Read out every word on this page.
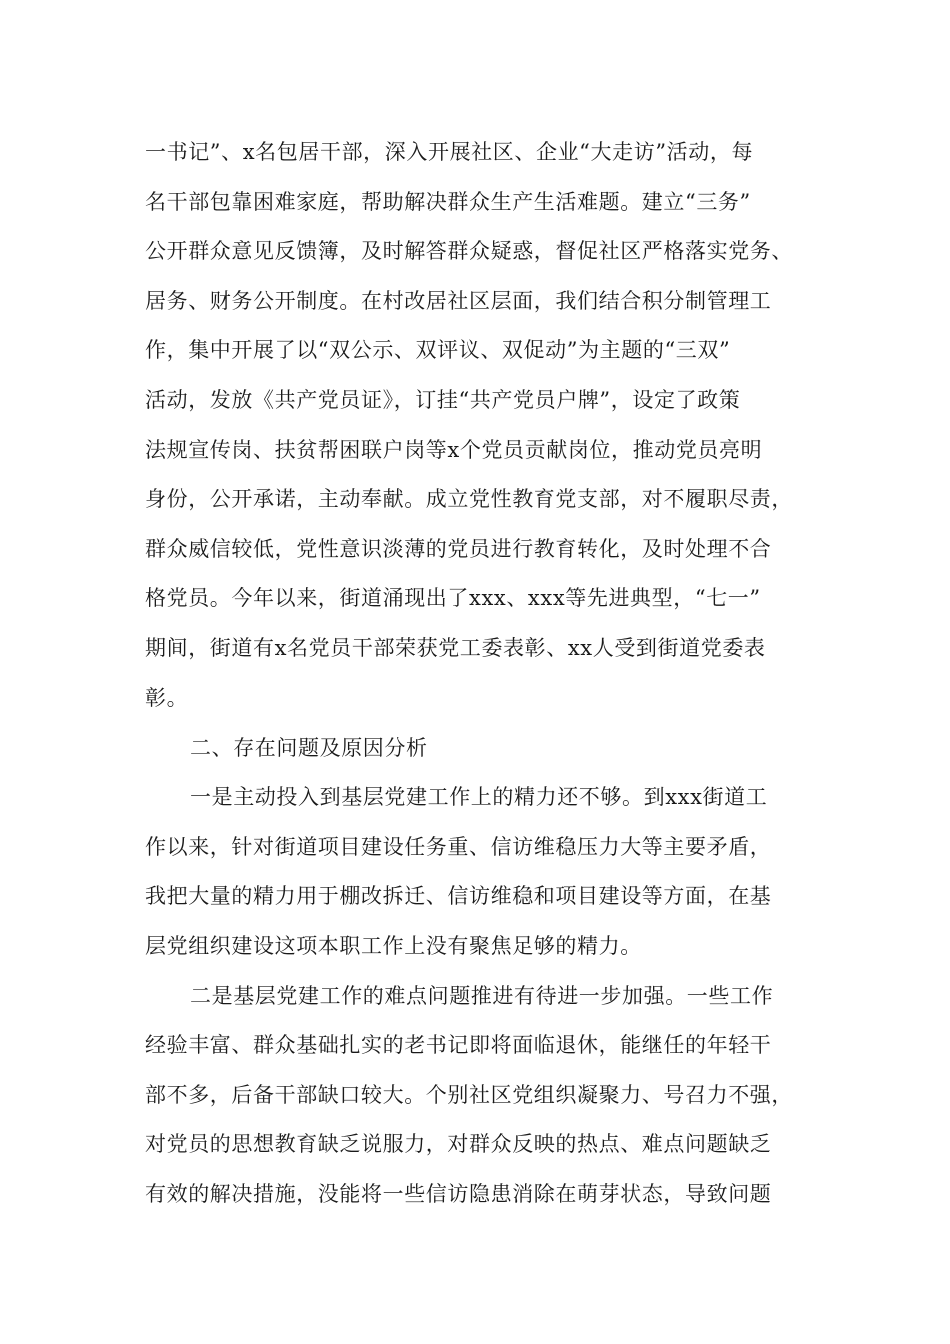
一书记”、x名包居干部，深入开展社区、企业“大走访”活动，每
名干部包靠困难家庭，帮助解决群众生产生活难题。建立“三务”
公开群众意见反馈簿，及时解答群众疑惑，督促社区严格落实党务、
居务、财务公开制度。在村改居社区层面，我们结合积分制管理工
作，集中开展了以“双公示、双评议、双促动”为主题的“三双”
活动，发放《共产党员证》，订挂“共产党员户牌”，设定了政策
法规宣传岗、扶贫帮困联户岗等x个党员贡献岗位，推动党员亮明
身份，公开承诺，主动奉献。成立党性教育党支部，对不履职尽责，
群众威信较低，党性意识淡薄的党员进行教育转化，及时处理不合
格党员。今年以来，街道涌现出了xxx、xxx等先进典型，“七一”
期间，街道有x名党员干部荣获党工委表彰、xx人受到街道党委表
彰。
二、存在问题及原因分析
一是主动投入到基层党建工作上的精力还不够。到xxx街道工
作以来，针对街道项目建设任务重、信访维稳压力大等主要矛盾，
我把大量的精力用于棚改拆迁、信访维稳和项目建设等方面，在基
层党组织建设这项本职工作上没有聚焦足够的精力。
二是基层党建工作的难点问题推进有待进一步加强。一些工作
经验丰富、群众基础扎实的老书记即将面临退休，能继任的年轻干
部不多，后备干部缺口较大。个别社区党组织凝聚力、号召力不强，
对党员的思想教育缺乏说服力，对群众反映的热点、难点问题缺乏
有效的解决措施，没能将一些信访隐患消除在萌芽状态，导致问题
